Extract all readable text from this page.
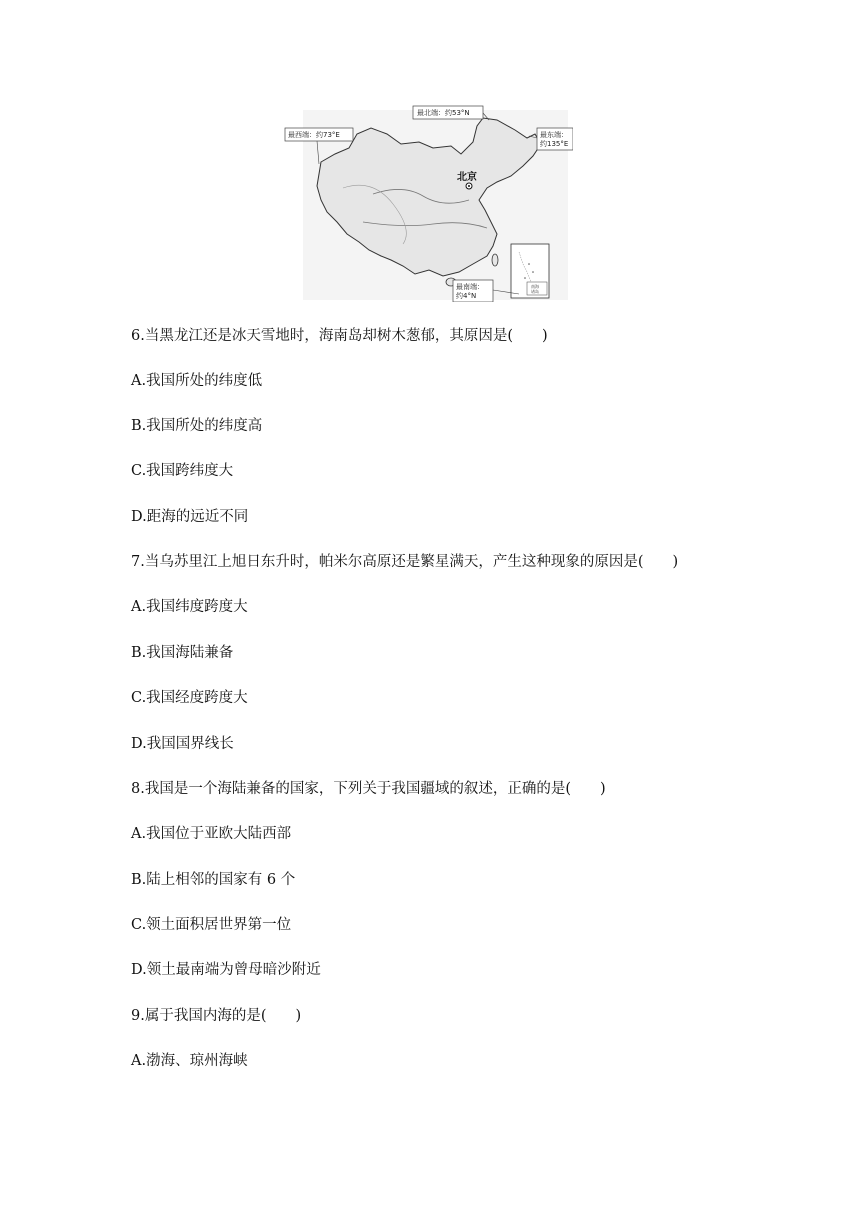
北京
最北端：约53°N
最西端：约73°E	最东端：
约135°E
南海
诸岛
最南端：
约4°N
6.当黑龙江还是冰天雪地时，海南岛却树木葱郁，其原因是(　　)
A.我国所处的纬度低
B.我国所处的纬度高
C.我国跨纬度大
D.距海的远近不同
7.当乌苏里江上旭日东升时，帕米尔高原还是繁星满天，产生这种现象的原因是(　　)
A.我国纬度跨度大
B.我国海陆兼备
C.我国经度跨度大
D.我国国界线长
8.我国是一个海陆兼备的国家，下列关于我国疆域的叙述，正确的是(　　)
A.我国位于亚欧大陆西部
B.陆上相邻的国家有 6 个
C.领土面积居世界第一位
D.领土最南端为曾母暗沙附近
9.属于我国内海的是(　　)
A.渤海、琼州海峡
